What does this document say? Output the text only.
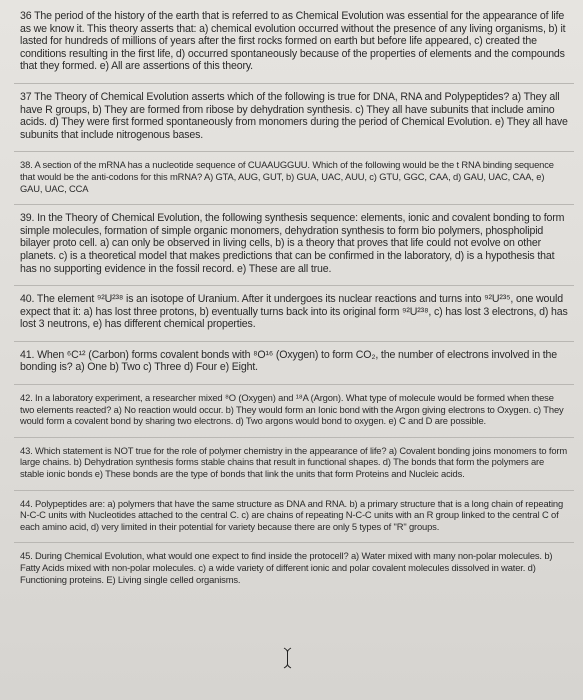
36 The period of the history of the earth that is referred to as Chemical Evolution was essential for the appearance of life as we know it. This theory asserts that: a) chemical evolution occurred without the presence of any living organisms, b) it lasted for hundreds of millions of years after the first rocks formed on earth but before life appeared, c) created the conditions resulting in the first life, d) occurred spontaneously because of the properties of elements and the compounds that they formed. e) All are assertions of this theory.
37 The Theory of Chemical Evolution asserts which of the following is true for DNA, RNA and Polypeptides? a) They all have R groups, b) They are formed from ribose by dehydration synthesis. c) They all have subunits that include amino acids. d) They were first formed spontaneously from monomers during the period of Chemical Evolution. e) They all have subunits that include nitrogenous bases.
38. A section of the mRNA has a nucleotide sequence of CUAAUGGUU. Which of the following would be the t RNA binding sequence that would be the anti-codons for this mRNA? A) GTA, AUG, GUT, b) GUA, UAC, AUU, c) GTU, GGC, CAA, d) GAU, UAC, CAA, e) GAU, UAC, CCA
39. In the Theory of Chemical Evolution, the following synthesis sequence: elements, ionic and covalent bonding to form simple molecules, formation of simple organic monomers, dehydration synthesis to form bio polymers, phospholipid bilayer proto cell. a) can only be observed in living cells, b) is a theory that proves that life could not evolve on other planets. c) is a theoretical model that makes predictions that can be confirmed in the laboratory, d) is a hypothesis that has no supporting evidence in the fossil record. e) These are all true.
40. The element ⁹²U²³⁸ is an isotope of Uranium. After it undergoes its nuclear reactions and turns into ⁹²U²³⁵, one would expect that it: a) has lost three protons, b) eventually turns back into its original form ⁹²U²³⁸, c) has lost 3 electrons, d) has lost 3 neutrons, e) has different chemical properties.
41. When ⁶C¹² (Carbon) forms covalent bonds with ⁸O¹⁶ (Oxygen) to form CO₂, the number of electrons involved in the bonding is? a) One b) Two c) Three d) Four e) Eight.
42. In a laboratory experiment, a researcher mixed ⁸O (Oxygen) and ¹⁸A (Argon). What type of molecule would be formed when these two elements reacted? a) No reaction would occur. b) They would form an Ionic bond with the Argon giving electrons to Oxygen. c) They would form a covalent bond by sharing two electrons. d) Two argons would bond to oxygen. e) C and D are possible.
43. Which statement is NOT true for the role of polymer chemistry in the appearance of life? a) Covalent bonding joins monomers to form large chains. b) Dehydration synthesis forms stable chains that result in functional shapes. d) The bonds that form the polymers are stable ionic bonds e) These bonds are the type of bonds that link the units that form Proteins and Nucleic acids.
44. Polypeptides are: a) polymers that have the same structure as DNA and RNA. b) a primary structure that is a long chain of repeating N-C-C units with Nucleotides attached to the central C. c) are chains of repeating N-C-C units with an R group linked to the central C of each amino acid, d) very limited in their potential for variety because there are only 5 types of "R" groups.
45. During Chemical Evolution, what would one expect to find inside the protocell? a) Water mixed with many non-polar molecules. b) Fatty Acids mixed with non-polar molecules. c) a wide variety of different ionic and polar covalent molecules dissolved in water. d) Functioning proteins. E) Living single celled organisms.
